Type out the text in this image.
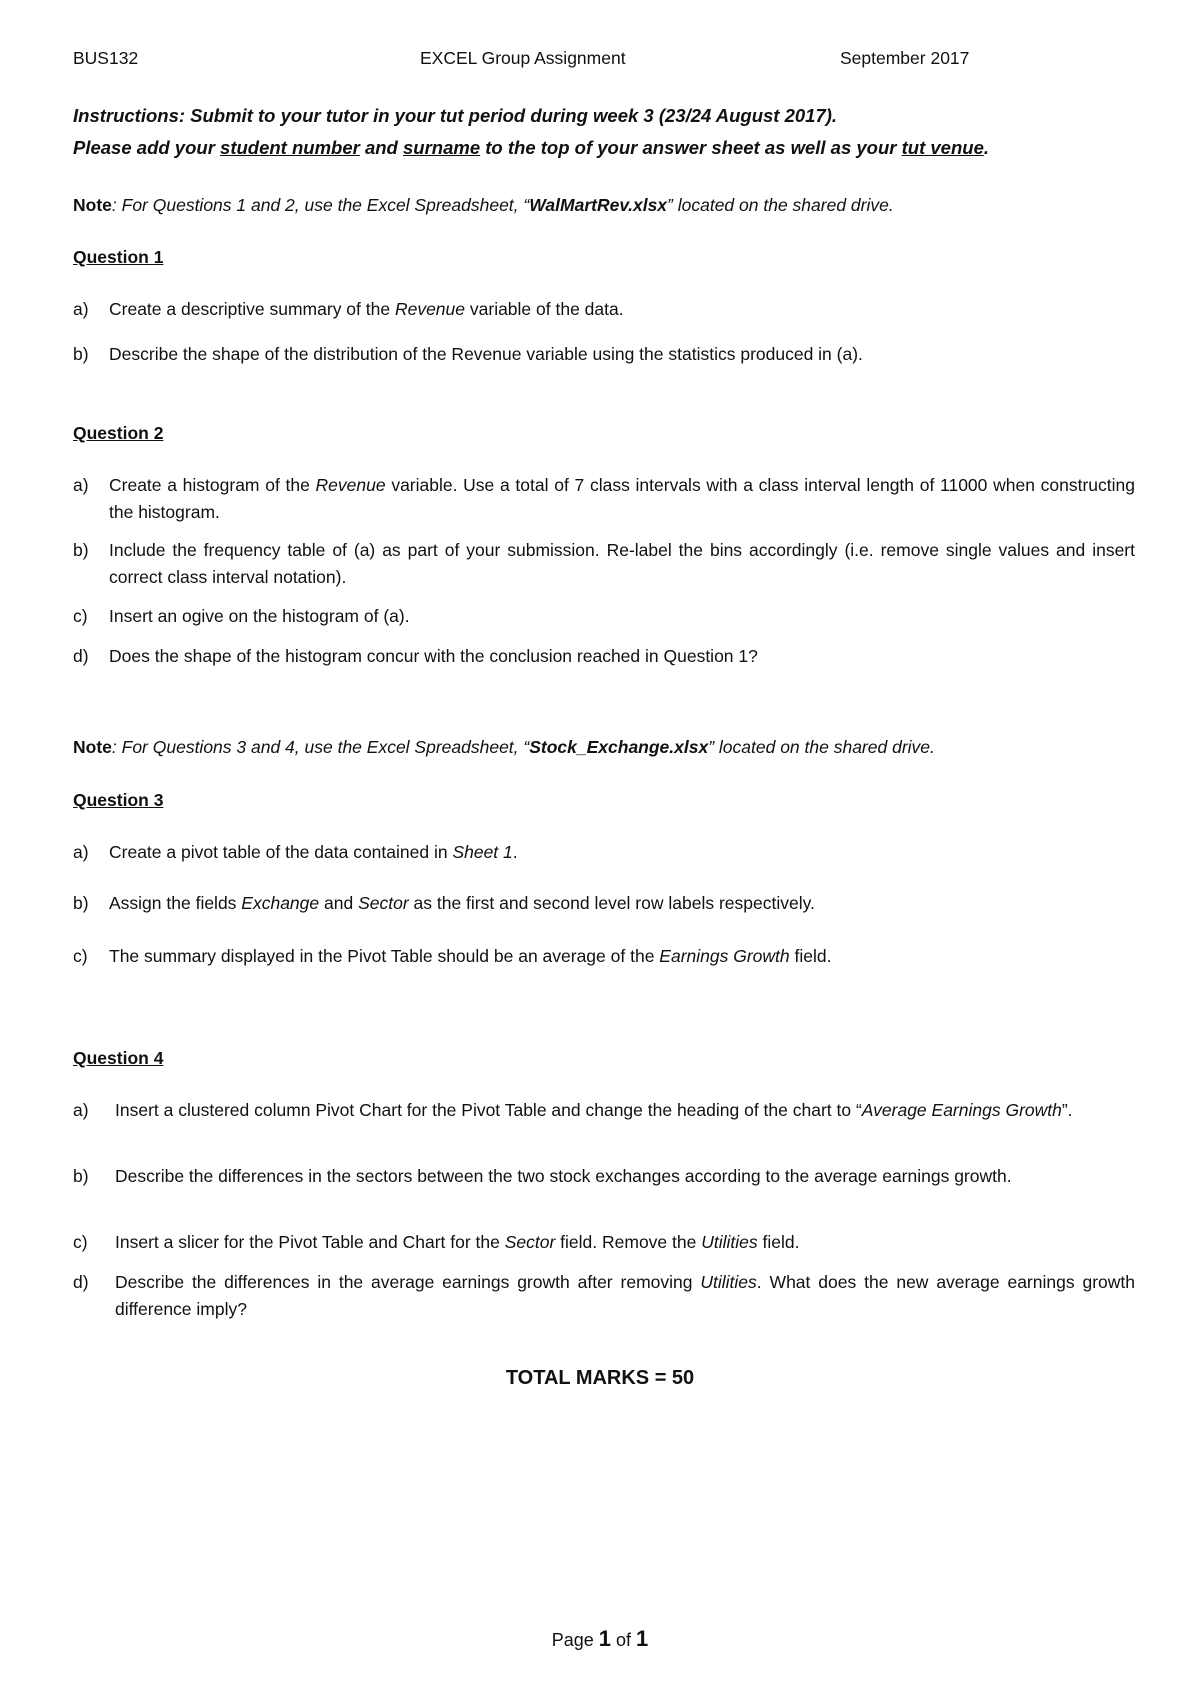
BUS132	EXCEL Group Assignment	September 2017
Instructions: Submit to your tutor in your tut period during week 3 (23/24 August 2017).
Please add your student number and surname to the top of your answer sheet as well as your tut venue.
Note: For Questions 1 and 2, use the Excel Spreadsheet, “WalMartRev.xlsx” located on the shared drive.
Question 1
a)	Create a descriptive summary of the Revenue variable of the data.
b)	Describe the shape of the distribution of the Revenue variable using the statistics produced in (a).
Question 2
a)	Create a histogram of the Revenue variable. Use a total of 7 class intervals with a class interval length of 11000 when constructing the histogram.
b)	Include the frequency table of (a) as part of your submission. Re-label the bins accordingly (i.e. remove single values and insert correct class interval notation).
c)	Insert an ogive on the histogram of (a).
d)	Does the shape of the histogram concur with the conclusion reached in Question 1?
Note: For Questions 3 and 4, use the Excel Spreadsheet, “Stock_Exchange.xlsx” located on the shared drive.
Question 3
a)	Create a pivot table of the data contained in Sheet 1.
b)	Assign the fields Exchange and Sector as the first and second level row labels respectively.
c)	The summary displayed in the Pivot Table should be an average of the Earnings Growth field.
Question 4
a)	Insert a clustered column Pivot Chart for the Pivot Table and change the heading of the chart to “Average Earnings Growth”.
b)	Describe the differences in the sectors between the two stock exchanges according to the average earnings growth.
c)	Insert a slicer for the Pivot Table and Chart for the Sector field. Remove the Utilities field.
d)	Describe the differences in the average earnings growth after removing Utilities. What does the new average earnings growth difference imply?
TOTAL MARKS = 50
Page 1 of 1
